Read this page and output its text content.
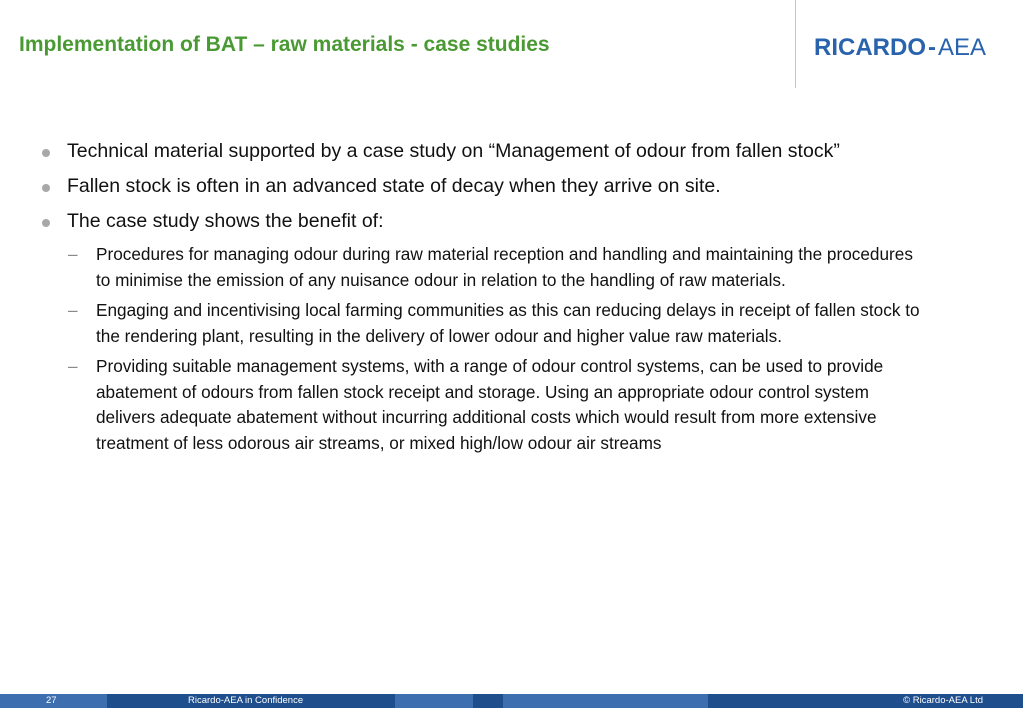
Implementation of BAT – raw materials - case studies	RICARDO-AEA
Technical material supported by a case study on “Management of odour from fallen stock”
Fallen stock is often in an advanced state of decay when they arrive on site.
The case study shows the benefit of:
– Procedures for managing odour during raw material reception and handling and maintaining the procedures to minimise the emission of any nuisance odour in relation to the handling of raw materials.
– Engaging and incentivising local farming communities as this can reducing delays in receipt of fallen stock to the rendering plant, resulting in the delivery of lower odour and higher value raw materials.
– Providing suitable management systems, with a range of odour control systems, can be used to provide abatement of odours from fallen stock receipt and storage. Using an appropriate odour control system delivers adequate abatement without incurring additional costs which would result from more extensive treatment of less odorous air streams, or mixed high/low odour air streams
27	Ricardo-AEA in Confidence	© Ricardo-AEA Ltd
